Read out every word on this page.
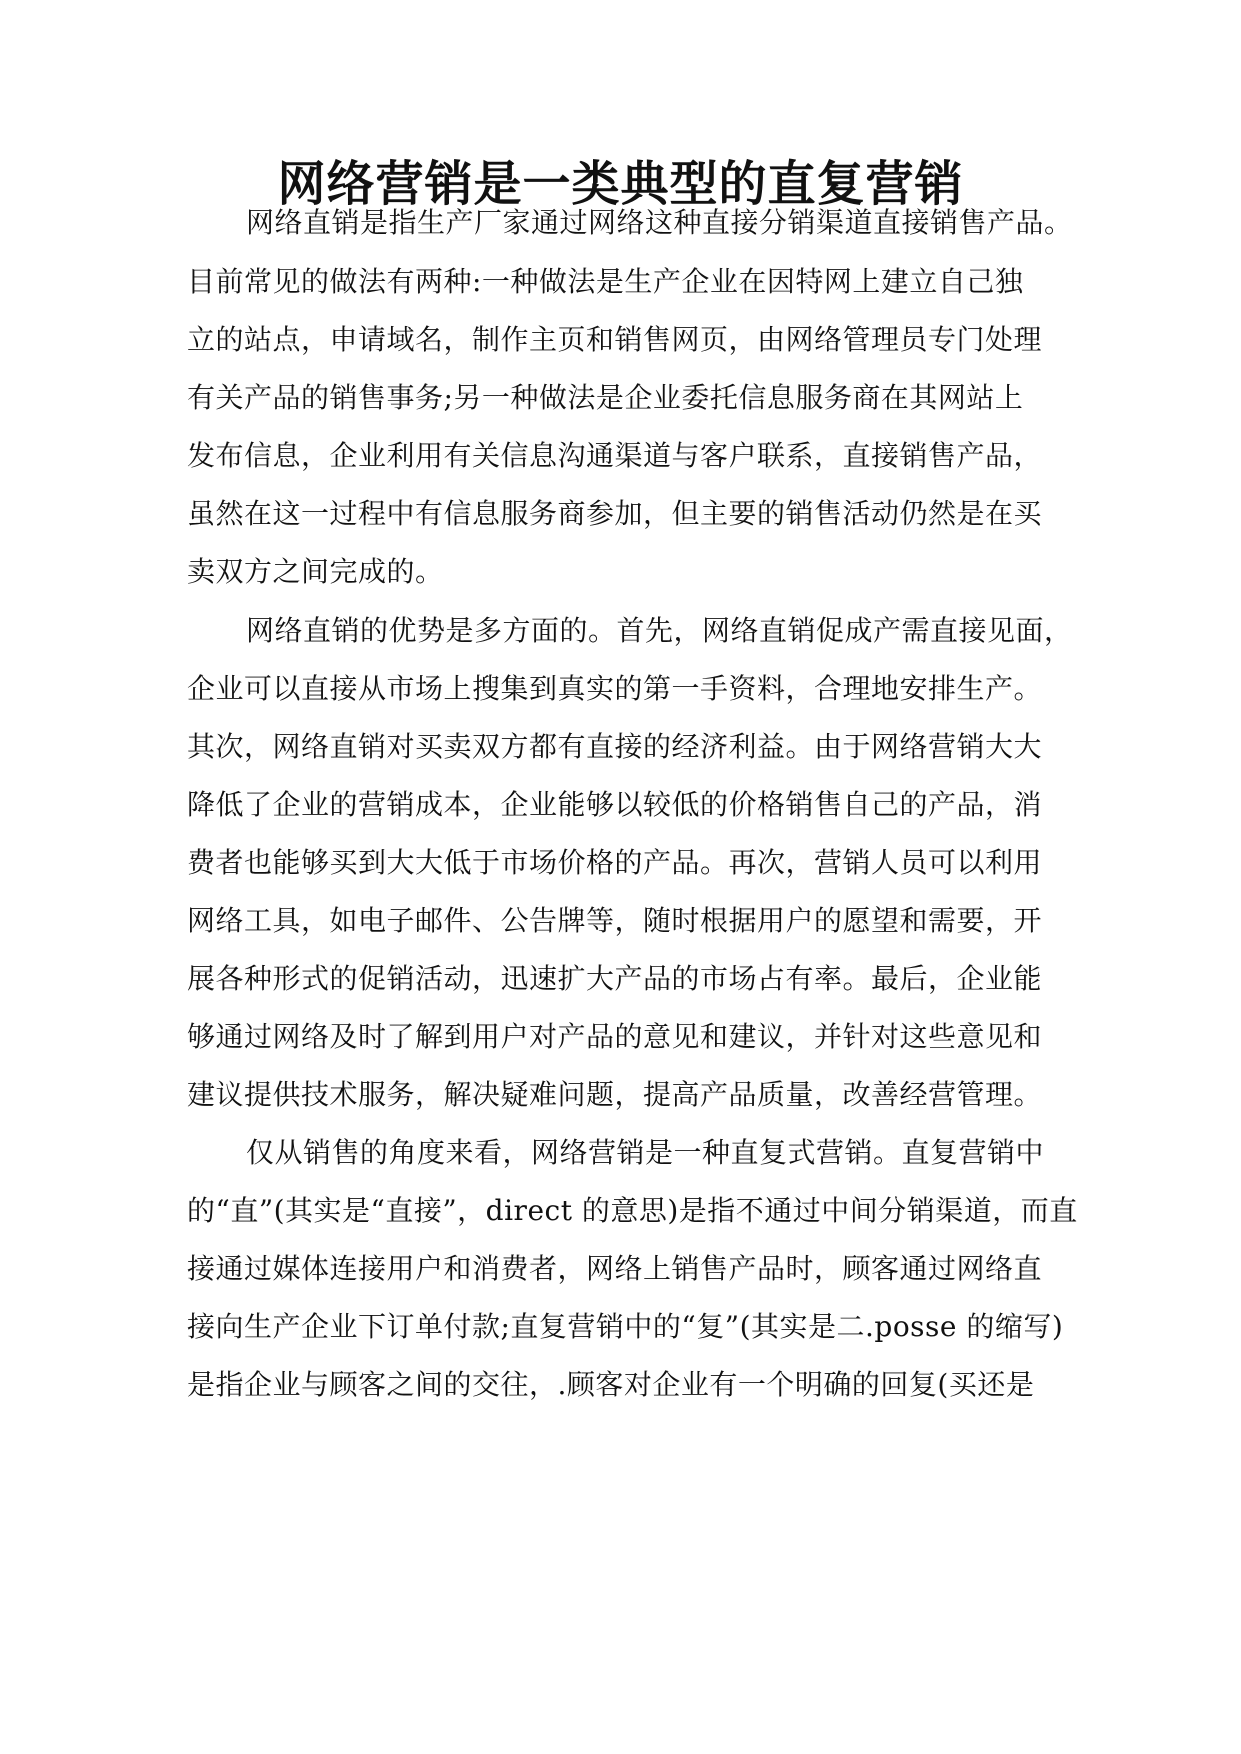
网络营销是一类典型的直复营销
网络直销是指生产厂家通过网络这种直接分销渠道直接销售产品。
目前常见的做法有两种:一种做法是生产企业在因特网上建立自己独
立的站点，申请域名，制作主页和销售网页，由网络管理员专门处理
有关产品的销售事务;另一种做法是企业委托信息服务商在其网站上
发布信息，企业利用有关信息沟通渠道与客户联系，直接销售产品，
虽然在这一过程中有信息服务商参加，但主要的销售活动仍然是在买
卖双方之间完成的。
网络直销的优势是多方面的。首先，网络直销促成产需直接见面，
企业可以直接从市场上搜集到真实的第一手资料，合理地安排生产。
其次，网络直销对买卖双方都有直接的经济利益。由于网络营销大大
降低了企业的营销成本，企业能够以较低的价格销售自己的产品，消
费者也能够买到大大低于市场价格的产品。再次，营销人员可以利用
网络工具，如电子邮件、公告牌等，随时根据用户的愿望和需要，开
展各种形式的促销活动，迅速扩大产品的市场占有率。最后，企业能
够通过网络及时了解到用户对产品的意见和建议，并针对这些意见和
建议提供技术服务，解决疑难问题，提高产品质量，改善经营管理。
仅从销售的角度来看，网络营销是一种直复式营销。直复营销中
的“直”(其实是“直接”，direct 的意思)是指不通过中间分销渠道，而直
接通过媒体连接用户和消费者，网络上销售产品时，顾客通过网络直
接向生产企业下订单付款;直复营销中的“复”(其实是二.posse 的缩写)
是指企业与顾客之间的交往，.顾客对企业有一个明确的回复(买还是
